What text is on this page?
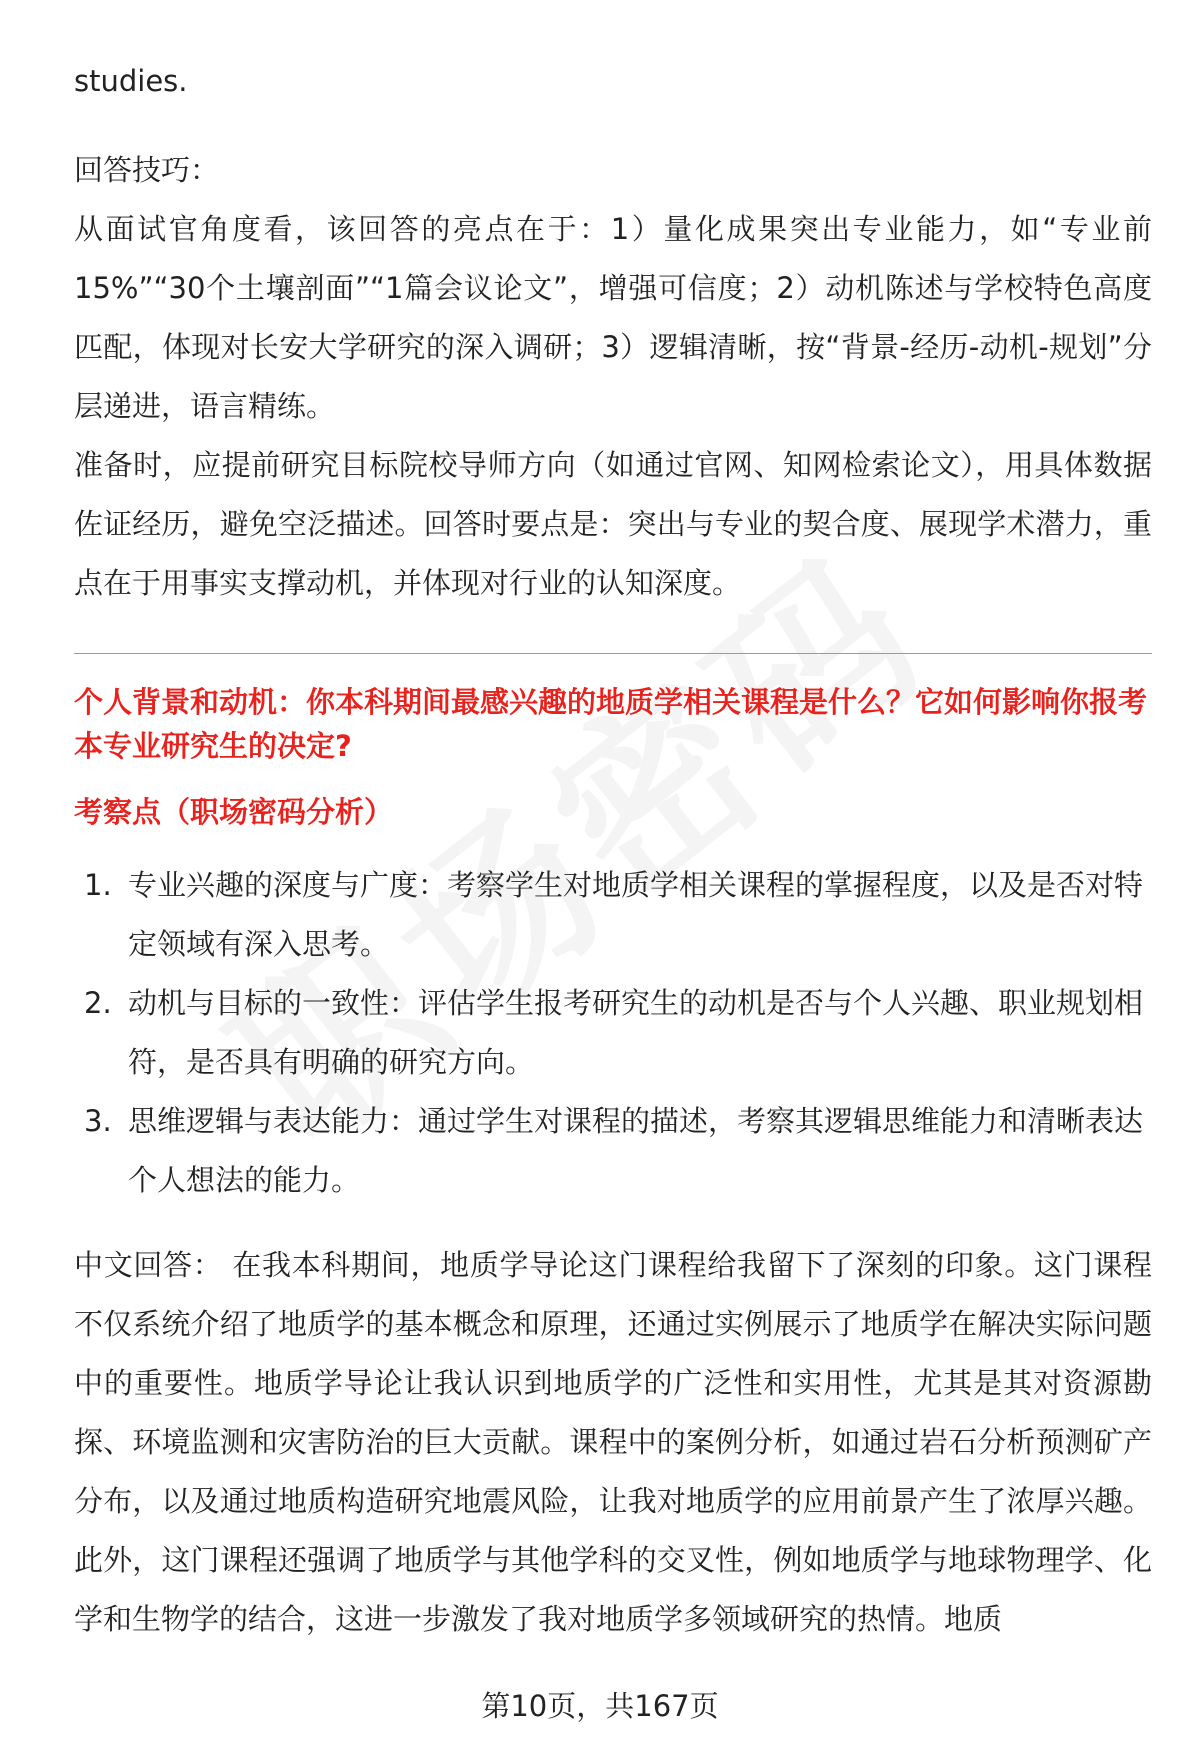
studies.

回答技巧：

从面试官角度看，该回答的亮点在于：1）量化成果突出专业能力，如“专业前15%”“30个土壤剖面”“1篇会议论文”，增强可信度；2）动机陈述与学校特色高度匹配，体现对长安大学研究的深入调研；3）逻辑清晰，按“背景-经历-动机-规划”分层递进，语言精练。

准备时，应提前研究目标院校导师方向（如通过官网、知网检索论文），用具体数据佐证经历，避免空泛描述。回答时要点是：突出与专业的契合度、展现学术潜力，重点在于用事实支撑动机，并体现对行业的认知深度。

个人背景和动机：你本科期间最感兴趣的地质学相关课程是什么？它如何影响你报考本专业研究生的决定?
考察点（职场密码分析）
1. 专业兴趣的深度与广度：考察学生对地质学相关课程的掌握程度，以及是否对特定领域有深入思考。
2. 动机与目标的一致性：评估学生报考研究生的动机是否与个人兴趣、职业规划相符，是否具有明确的研究方向。
3. 思维逻辑与表达能力：通过学生对课程的描述，考察其逻辑思维能力和清晰表达个人想法的能力。

中文回答： 在我本科期间，地质学导论这门课程给我留下了深刻的印象。这门课程不仅系统介绍了地质学的基本概念和原理，还通过实例展示了地质学在解决实际问题中的重要性。地质学导论让我认识到地质学的广泛性和实用性，尤其是其对资源勘探、环境监测和灾害防治的巨大贡献。课程中的案例分析，如通过岩石分析预测矿产分布，以及通过地质构造研究地震风险，让我对地质学的应用前景产生了浓厚兴趣。此外，这门课程还强调了地质学与其他学科的交叉性，例如地质学与地球物理学、化学和生物学的结合，这进一步激发了我对地质学多领域研究的热情。地质

第10页，共167页
